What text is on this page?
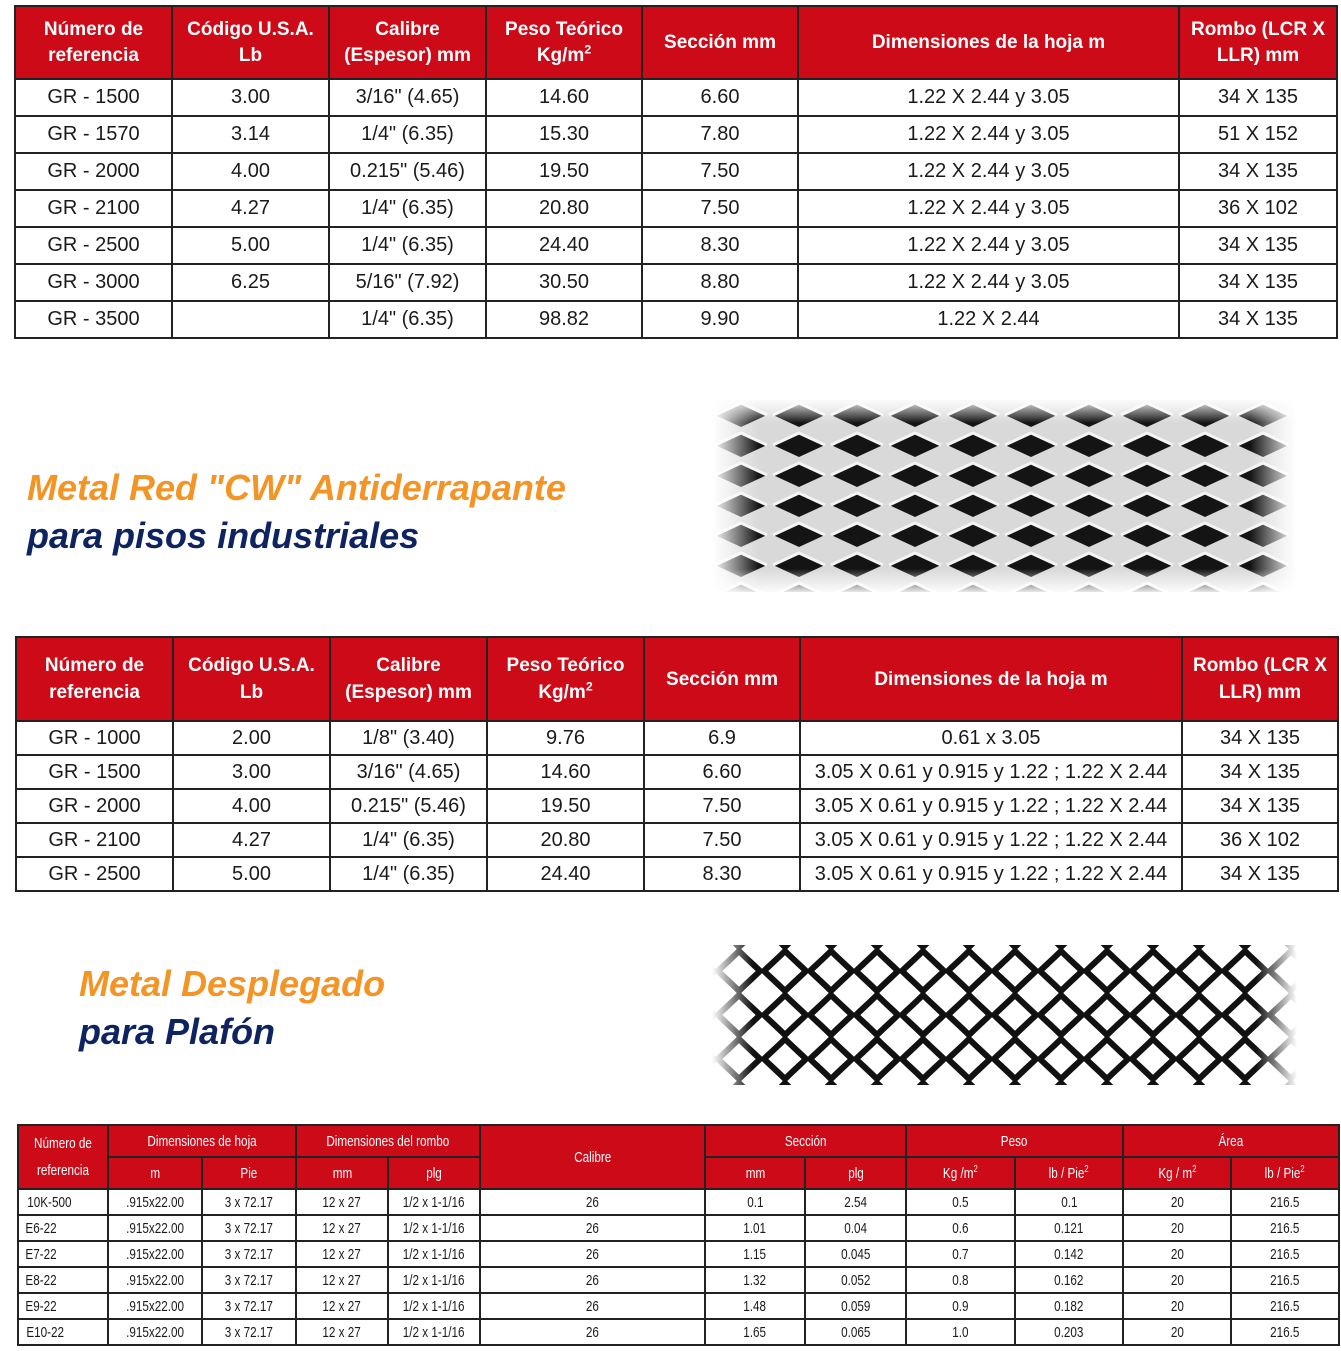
Número de referencia	Código U.S.A. Lb	Calibre (Espesor) mm	Peso Teórico $Kg/m^2$	Sección mm	Dimensiones de la hoja m	Rombo (LCR X LLR) mm
GR - 1500	3.00	3/16" (4.65)	14.60	6.60	1.22 X 2.44 y 3.05	34 X 135
GR - 1570	3.14	1/4" (6.35)	15.30	7.80	1.22 X 2.44 y 3.05	51 X 152
GR - 2000	4.00	0.215" (5.46)	19.50	7.50	1.22 X 2.44 y 3.05	34 X 135
GR - 2100	4.27	1/4" (6.35)	20.80	7.50	1.22 X 2.44 y 3.05	36 X 102
GR - 2500	5.00	1/4" (6.35)	24.40	8.30	1.22 X 2.44 y 3.05	34 X 135
GR - 3000	6.25	5/16" (7.92)	30.50	8.80	1.22 X 2.44 y 3.05	34 X 135
GR - 3500		1/4" (6.35)	98.82	9.90	1.22 X 2.44	34 X 135

Metal Red "CW" Antiderrapante

para pisos industriales

Número de referencia	Código U.S.A. Lb	Calibre (Espesor) mm	Peso Teórico $Kg/m^2$	Sección mm	Dimensiones de la hoja m	Rombo (LCR X LLR) mm
GR - 1000	2.00	1/8" (3.40)	9.76	6.9	0.61 x 3.05	34 X 135
GR - 1500	3.00	3/16" (4.65)	14.60	6.60	3.05 X 0.61 y 0.915 y 1.22 ; 1.22 X 2.44	34 X 135
GR - 2000	4.00	0.215" (5.46)	19.50	7.50	3.05 X 0.61 y 0.915 y 1.22 ; 1.22 X 2.44	34 X 135
GR - 2100	4.27	1/4" (6.35)	20.80	7.50	3.05 X 0.61 y 0.915 y 1.22 ; 1.22 X 2.44	36 X 102
GR - 2500	5.00	1/4" (6.35)	24.40	8.30	3.05 X 0.61 y 0.915 y 1.22 ; 1.22 X 2.44	34 X 135

Metal Desplegado

para Plafón

Número de referencia	Dimensiones de hoja		Dimensiones del rombo		Calibre	Sección		Peso		Área	
	m	Pie	mm	plg		mm	plg	Kg $/m^2$	lb / Pie$^2$	Kg / $m^2$	lb / Pie$^2$
10K-500	.915x22.00	3 x 72.17	12 x 27	1/2 x 1-1/16	26	0.1	2.54	0.5	0.1	20	216.5
E6-22	.915x22.00	3 x 72.17	12 x 27	1/2 x 1-1/16	26	1.01	0.04	0.6	0.121	20	216.5
E7-22	.915x22.00	3 x 72.17	12 x 27	1/2 x 1-1/16	26	1.15	0.045	0.7	0.142	20	216.5
E8-22	.915x22.00	3 x 72.17	12 x 27	1/2 x 1-1/16	26	1.32	0.052	0.8	0.162	20	216.5
E9-22	.915x22.00	3 x 72.17	12 x 27	1/2 x 1-1/16	26	1.48	0.059	0.9	0.182	20	216.5
E10-22	.915x22.00	3 x 72.17	12 x 27	1/2 x 1-1/16	26	1.65	0.065	1.0	0.203	20	216.5
